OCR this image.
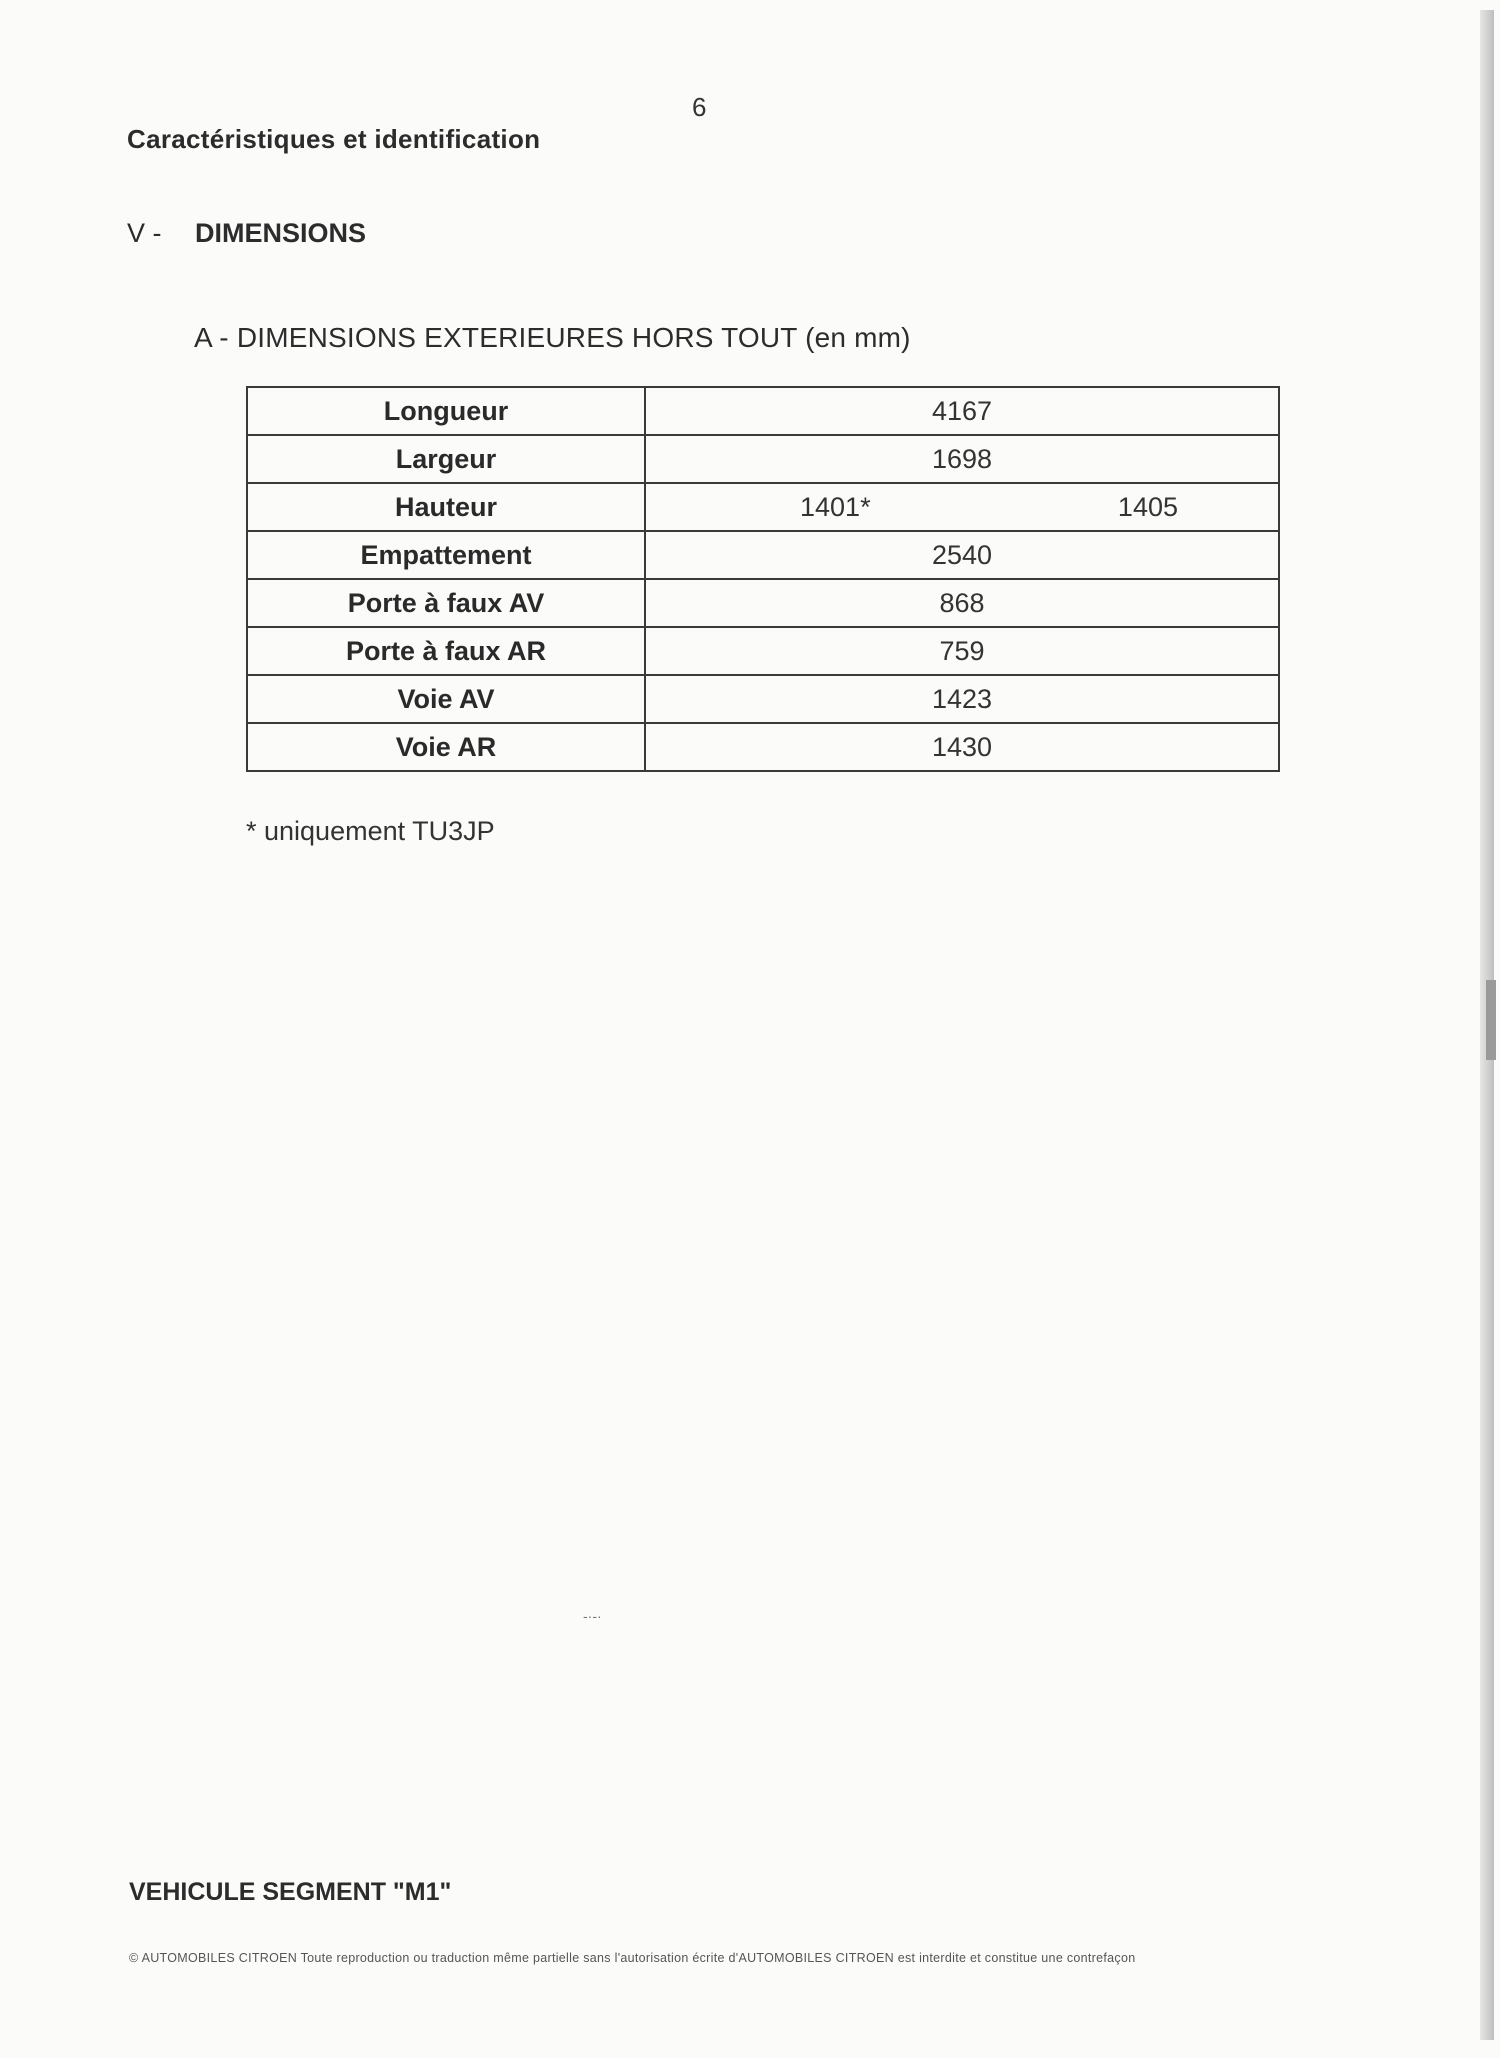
6
Caractéristiques et identification
V - DIMENSIONS
A - DIMENSIONS EXTERIEURES HORS TOUT (en mm)
Longueur	4167
Largeur	1698
Hauteur	1401* 1405

Empattement	2540
Porte à faux AV	868
Porte à faux AR	759
Voie AV	1423
Voie AR	1430
* uniquement TU3JP
-·‑·
VEHICULE SEGMENT "M1"
© AUTOMOBILES CITROEN Toute reproduction ou traduction même partielle sans l'autorisation écrite d'AUTOMOBILES CITROEN est interdite et constitue une contrefaçon
